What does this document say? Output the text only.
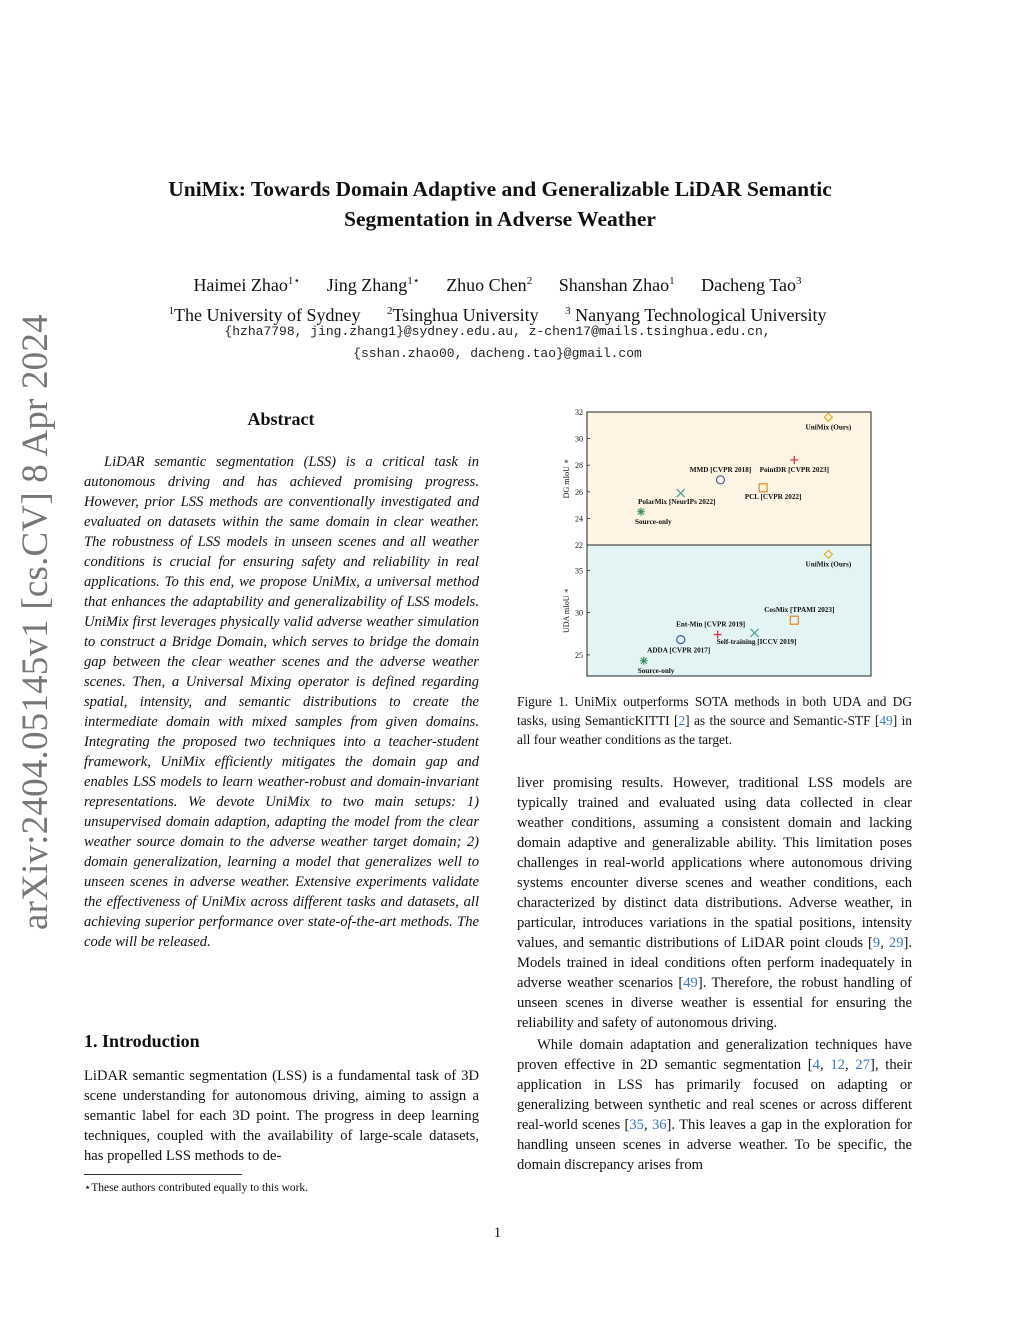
UniMix: Towards Domain Adaptive and Generalizable LiDAR Semantic
Segmentation in Adverse Weather
Haimei Zhao$^{1⋆}$ Jing Zhang$^{1⋆}$ Zhuo Chen$^2$ Shanshan Zhao$^1$ Dacheng Tao$^3$
$^1$The University of Sydney $^2$Tsinghua University $^3$ Nanyang Technological University
{hzha7798, jing.zhang1}@sydney.edu.au, z-chen17@mails.tsinghua.edu.cn,
{sshan.zhao00, dacheng.tao}@gmail.com
arXiv:2404.05145v1 [cs.CV] 8 Apr 2024	Abstract
LiDAR semantic segmentation (LSS) is a critical task in autonomous driving and has achieved promising progress. However, prior LSS methods are conventionally investigated and evaluated on datasets within the same domain in clear weather. The robustness of LSS models in unseen scenes and all weather conditions is crucial for ensuring safety and reliability in real applications. To this end, we propose UniMix, a universal method that enhances the adaptability and generalizability of LSS models. UniMix first leverages physically valid adverse weather simulation to construct a Bridge Domain, which serves to bridge the domain gap between the clear weather scenes and the adverse weather scenes. Then, a Universal Mixing operator is defined regarding spatial, intensity, and semantic distributions to create the intermediate domain with mixed samples from given domains. Integrating the proposed two techniques into a teacher-student framework, UniMix efficiently mitigates the domain gap and enables LSS models to learn weather-robust and domain-invariant representations. We devote UniMix to two main setups: 1) unsupervised domain adaption, adapting the model from the clear weather source domain to the adverse weather target domain; 2) domain generalization, learning a model that generalizes well to unseen scenes in adverse weather. Extensive experiments validate the effectiveness of UniMix across different tasks and datasets, all achieving superior performance over state-of-the-art methods. The code will be released.
1. Introduction
LiDAR semantic segmentation (LSS) is a fundamental task of 3D scene understanding for autonomous driving, aiming to assign a semantic label for each 3D point. The progress in deep learning techniques, coupled with the availability of large-scale datasets, has propelled LSS methods to de-
⋆These authors contributed equally to this work.
22
24
26
28
30
32
DG mIoU ∗
Source-only
PolarMix [NeurIPs 2022]
MMD [CVPR 2018]
PCL [CVPR 2022]
PointDR [CVPR 2023]
UniMix (Ours)
25
30
35
UDA mIoU ∗
Source-only
ADDA [CVPR 2017]
Ent-Min [CVPR 2019]
Self-training [ICCV 2019]
CosMix [TPAMI 2023]
UniMix (Ours)
Figure 1. UniMix outperforms SOTA methods in both UDA and DG tasks, using SemanticKITTI [2] as the source and Semantic-STF [49] in all four weather conditions as the target.

liver promising results. However, traditional LSS models are typically trained and evaluated using data collected in clear weather conditions, assuming a consistent domain and lacking domain adaptive and generalizable ability. This limitation poses challenges in real-world applications where autonomous driving systems encounter diverse scenes and weather conditions, each characterized by distinct data distributions. Adverse weather, in particular, introduces variations in the spatial positions, intensity values, and semantic distributions of LiDAR point clouds [9, 29]. Models trained in ideal conditions often perform inadequately in adverse weather scenarios [49]. Therefore, the robust handling of unseen scenes in diverse weather is essential for ensuring the reliability and safety of autonomous driving.

While domain adaptation and generalization techniques have proven effective in 2D semantic segmentation [4, 12, 27], their application in LSS has primarily focused on adapting or generalizing between synthetic and real scenes or across different real-world scenes [35, 36]. This leaves a gap in the exploration for handling unseen scenes in adverse weather. To be specific, the domain discrepancy arises from

1
